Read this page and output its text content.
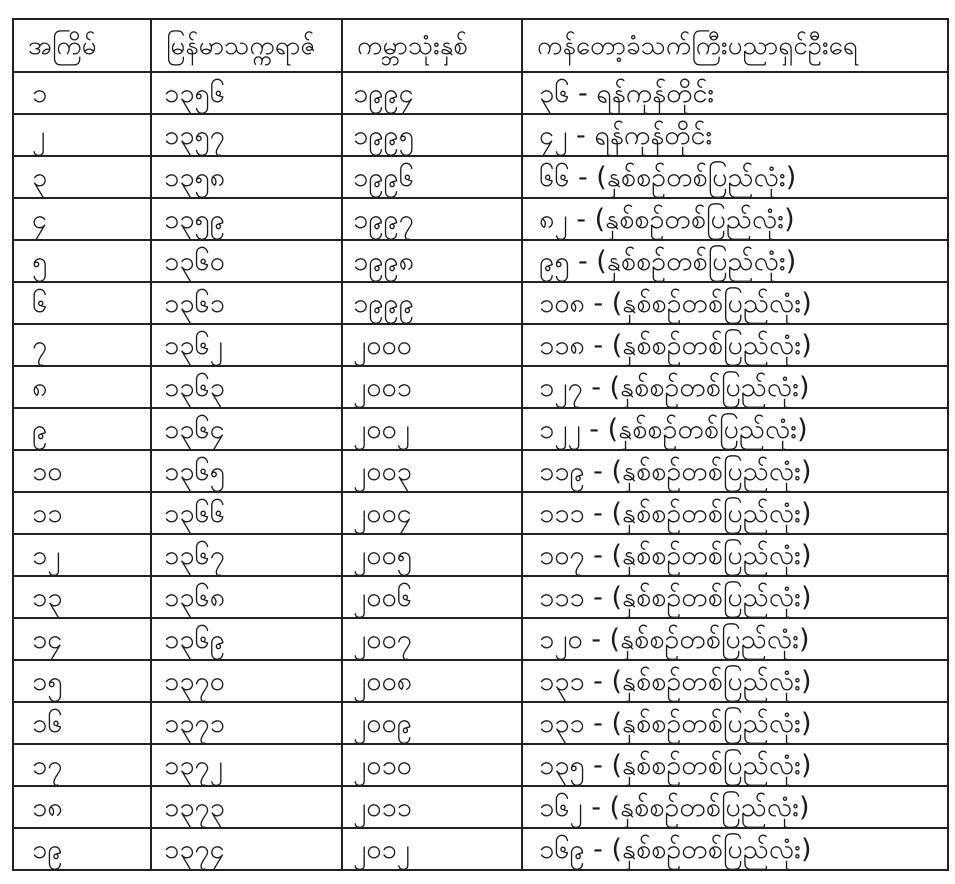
အကြိမ်	မြန်မာသက္ကရာဇ်	ကမ္ဘာသုံးနှစ်	ကန်တော့ခံသက်ကြီးပညာရှင်ဦးရေ
၁	၁၃၅၆	၁၉၉၄	၃၆ - ရန်ကုန်တိုင်း
၂	၁၃၅၇	၁၉၉၅	၄၂ - ရန်ကုန်တိုင်း
၃	၁၃၅၈	၁၉၉၆	၆၆ - (နှစ်စဉ်တစ်ပြည်လုံး)
၄	၁၃၅၉	၁၉၉၇	၈၂ - (နှစ်စဉ်တစ်ပြည်လုံး)
၅	၁၃၆၀	၁၉၉၈	၉၅ - (နှစ်စဉ်တစ်ပြည်လုံး)
၆	၁၃၆၁	၁၉၉၉	၁၀၈ - (နှစ်စဉ်တစ်ပြည်လုံး)
၇	၁၃၆၂	၂၀၀၀	၁၁၈ - (နှစ်စဉ်တစ်ပြည်လုံး)
၈	၁၃၆၃	၂၀၀၁	၁၂၇ - (နှစ်စဉ်တစ်ပြည်လုံး)
၉	၁၃၆၄	၂၀၀၂	၁၂၂ - (နှစ်စဉ်တစ်ပြည်လုံး)
၁၀	၁၃၆၅	၂၀၀၃	၁၁၉ - (နှစ်စဉ်တစ်ပြည်လုံး)
၁၁	၁၃၆၆	၂၀၀၄	၁၁၁ - (နှစ်စဉ်တစ်ပြည်လုံး)
၁၂	၁၃၆၇	၂၀၀၅	၁၀၇ - (နှစ်စဉ်တစ်ပြည်လုံး)
၁၃	၁၃၆၈	၂၀၀၆	၁၁၁ - (နှစ်စဉ်တစ်ပြည်လုံး)
၁၄	၁၃၆၉	၂၀၀၇	၁၂၀ - (နှစ်စဉ်တစ်ပြည်လုံး)
၁၅	၁၃၇၀	၂၀၀၈	၁၃၁ - (နှစ်စဉ်တစ်ပြည်လုံး)
၁၆	၁၃၇၁	၂၀၀၉	၁၃၁ - (နှစ်စဉ်တစ်ပြည်လုံး)
၁၇	၁၃၇၂	၂၀၁၀	၁၃၅ - (နှစ်စဉ်တစ်ပြည်လုံး)
၁၈	၁၃၇၃	၂၀၁၁	၁၆၂ - (နှစ်စဉ်တစ်ပြည်လုံး)
၁၉	၁၃၇၄	၂၀၁၂	၁၆၉ - (နှစ်စဉ်တစ်ပြည်လုံး)
